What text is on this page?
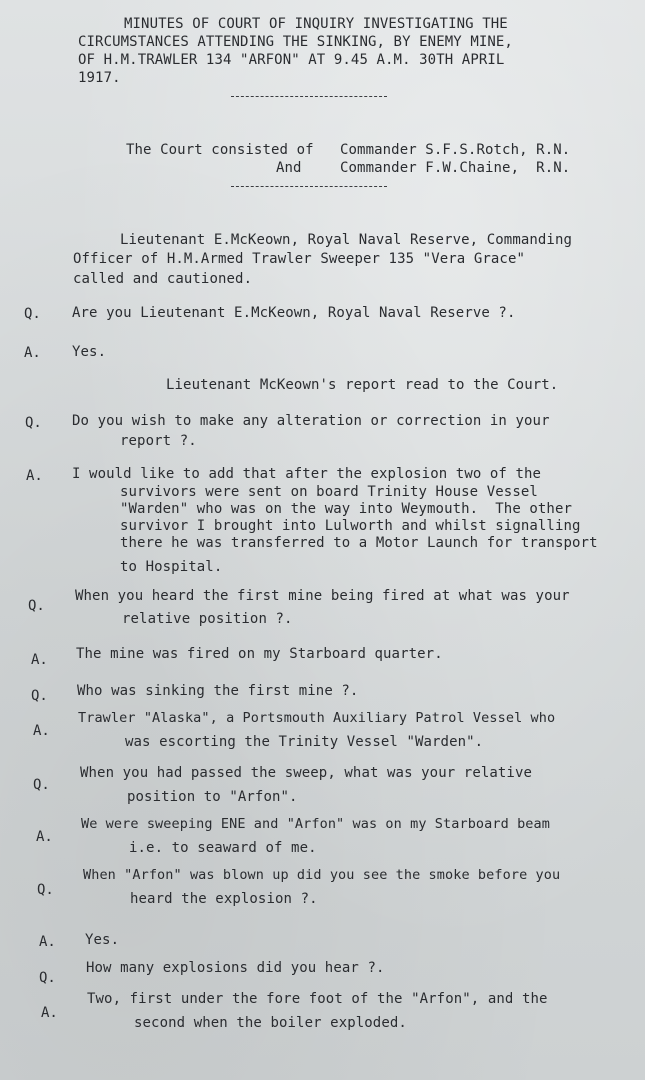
MINUTES OF COURT OF INQUIRY INVESTIGATING THE
CIRCUMSTANCES ATTENDING THE SINKING, BY ENEMY MINE,
OF H.M.TRAWLER 134 "ARFON" AT 9.45 A.M. 30TH APRIL
1917.
The Court consisted of Commander S.F.S.Rotch, R.N.
And	Commander F.W.Chaine,  R.N.
Lieutenant E.McKeown, Royal Naval Reserve, Commanding
Officer of H.M.Armed Trawler Sweeper 135 "Vera Grace"
called and cautioned.
Q. Are you Lieutenant E.McKeown, Royal Naval Reserve ?.
A. Yes.
Lieutenant McKeown's report read to the Court.
Q. Do you wish to make any alteration or correction in your
report ?.
A. I would like to add that after the explosion two of the
survivors were sent on board Trinity House Vessel
"Warden" who was on the way into Weymouth.  The other
survivor I brought into Lulworth and whilst signalling
there he was transferred to a Motor Launch for transport
to Hospital.
Q.
When you heard the first mine being fired at what was your
relative position ?.
A. The mine was fired on my Starboard quarter.
Q. Who was sinking the first mine ?.
A.
Trawler "Alaska", a Portsmouth Auxiliary Patrol Vessel who
was escorting the Trinity Vessel "Warden".
Q.
When you had passed the sweep, what was your relative
position to "Arfon".
A.
We were sweeping ENE and "Arfon" was on my Starboard beam
i.e. to seaward of me.
Q.
When "Arfon" was blown up did you see the smoke before you
heard the explosion ?.
A. Yes.
Q.
How many explosions did you hear ?.
A.
Two, first under the fore foot of the "Arfon", and the
second when the boiler exploded.
